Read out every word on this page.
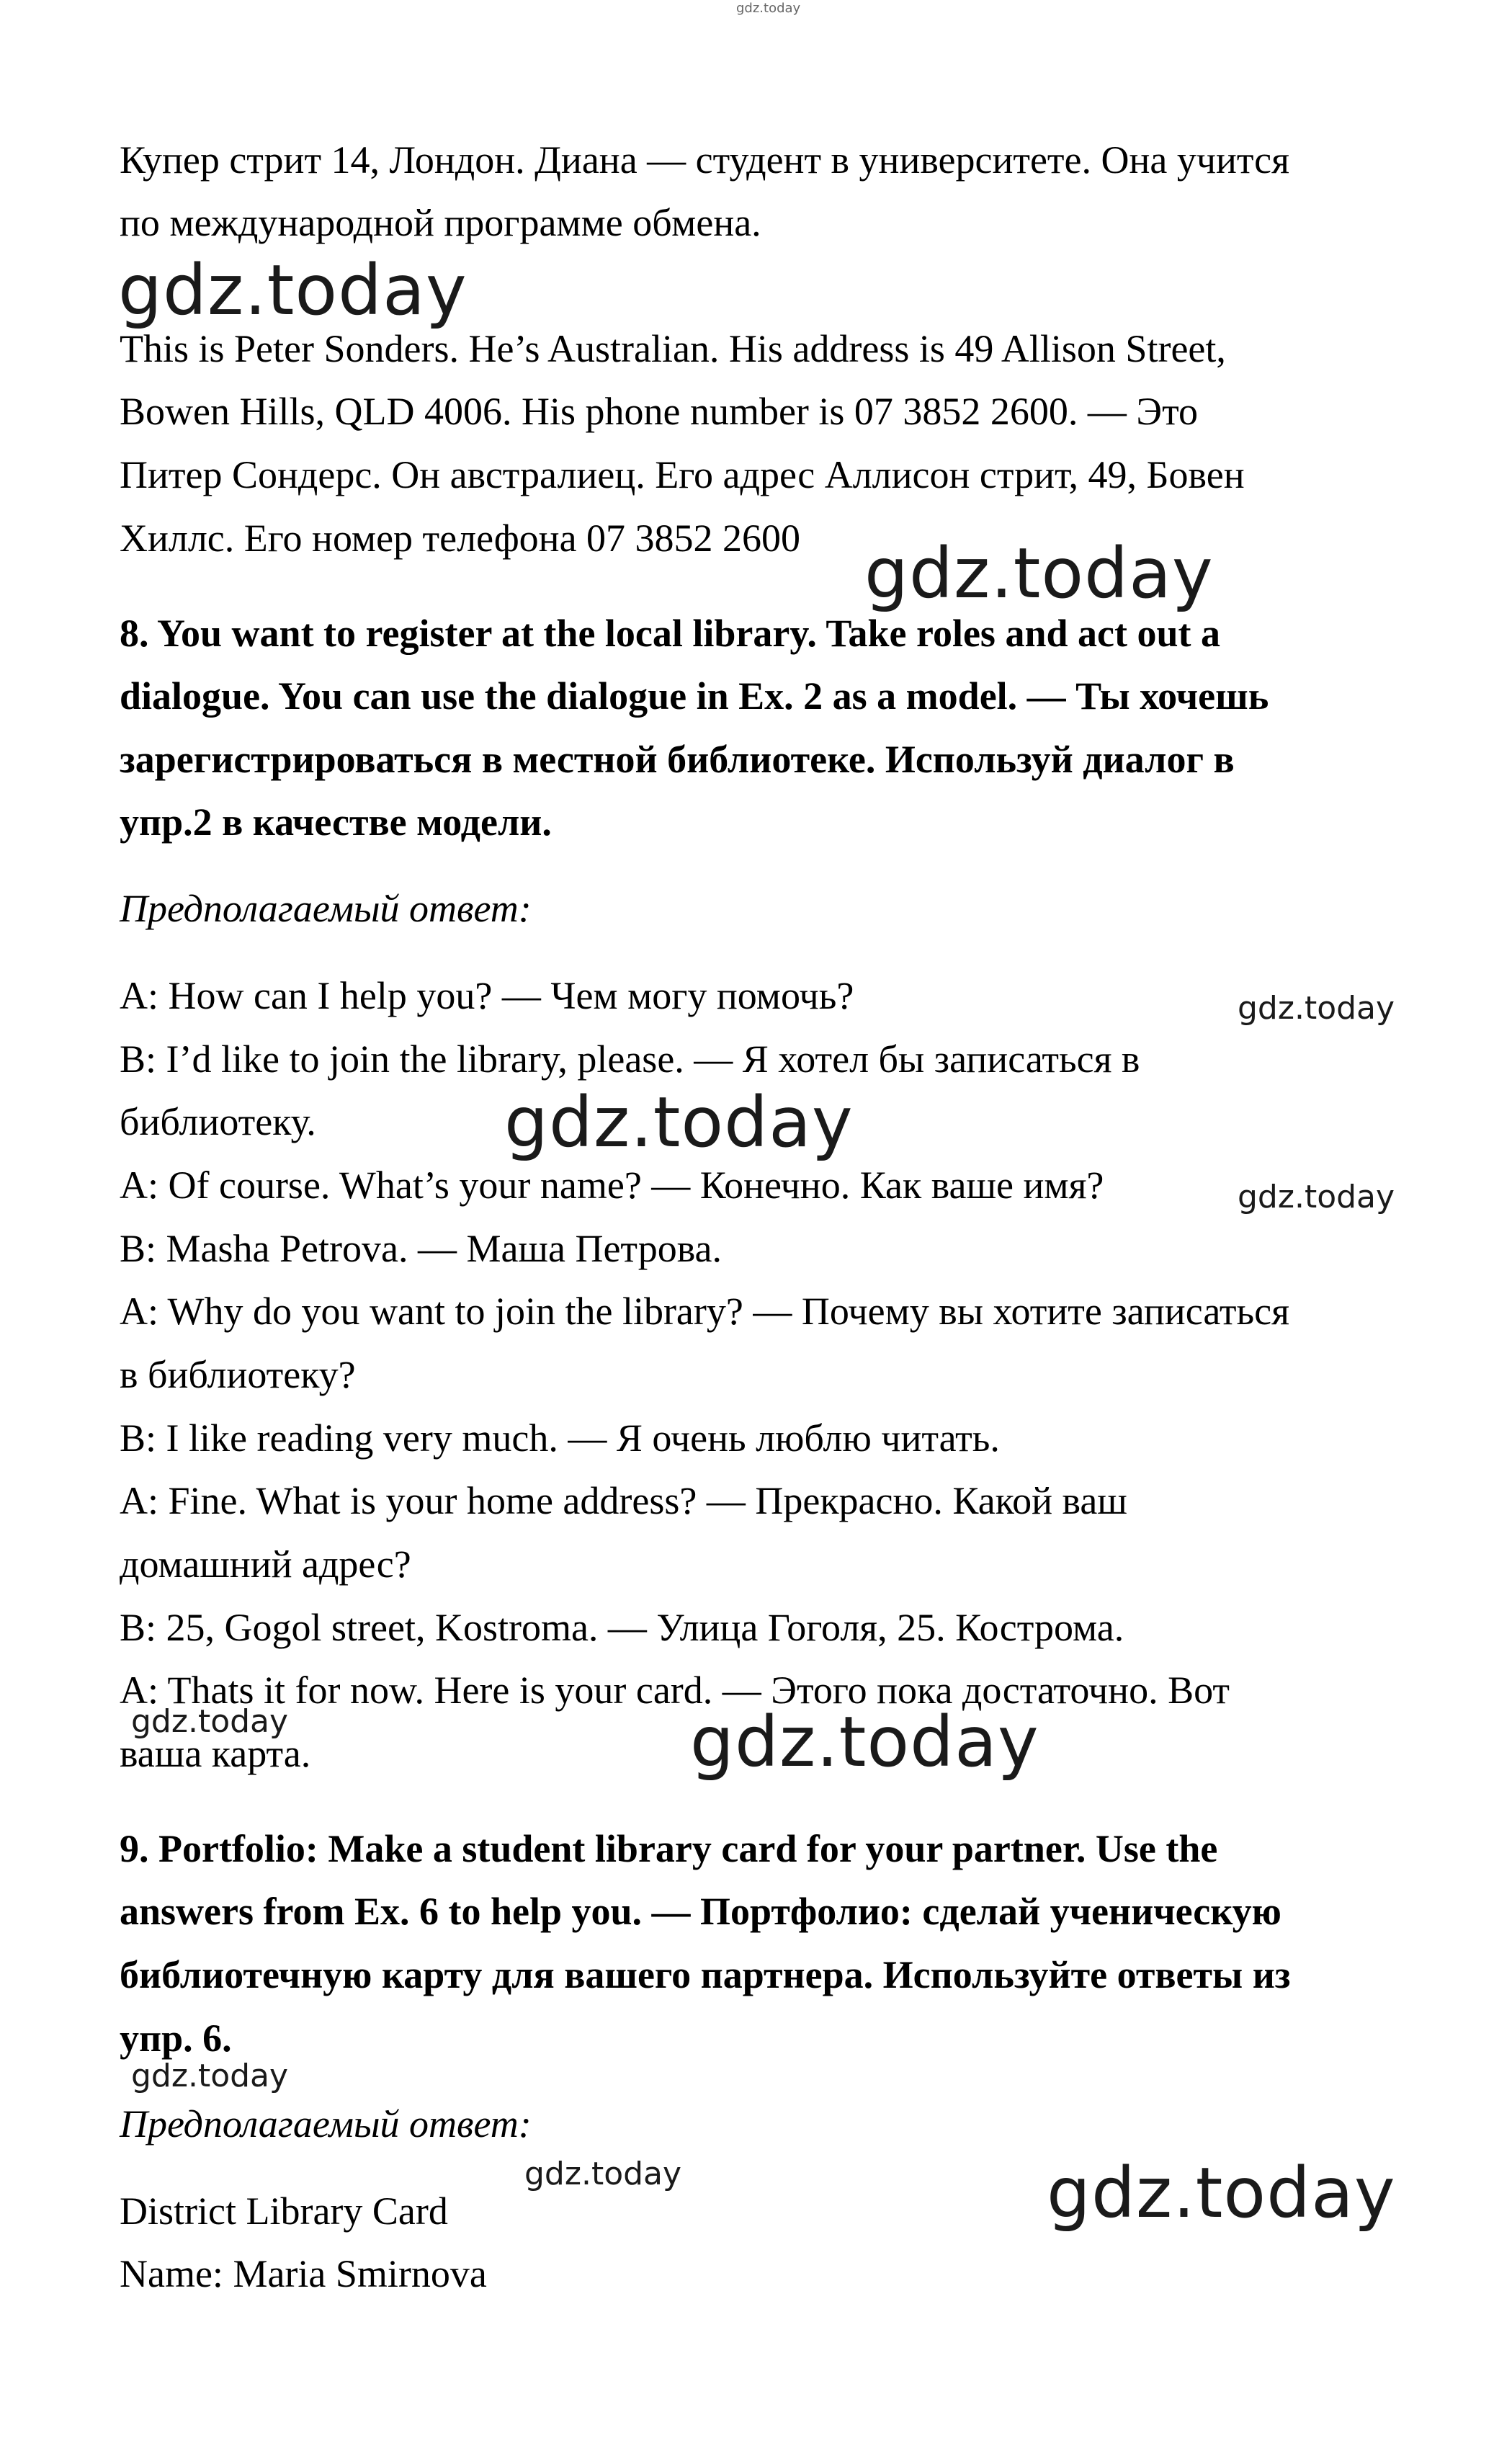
gdz.today
Купер стрит 14, Лондон. Диана — студент в университете. Она учится
по международной программе обмена.
gdz.today
This is Peter Sonders. He’s Australian. His address is 49 Allison Street,
Bowen Hills, QLD 4006. His phone number is 07 3852 2600. — Это
Питер Сондерс. Он австралиец. Его адрес Аллисон стрит, 49, Бовен
Хиллс. Его номер телефона 07 3852 2600 gdz.today
8. You want to register at the local library. Take roles and act out a
dialogue. You can use the dialogue in Ex. 2 as a model. — Ты хочешь
зарегистрироваться в местной библиотеке. Используй диалог в
упр.2 в качестве модели.
Предполагаемый ответ:
A: How can I help you? — Чем могу помочь?	gdz.today
B: I’d like to join the library, please. — Я хотел бы записаться в
библиотеку.	gdz.today
A: Of course. What’s your name? — Конечно. Как ваше имя?	gdz.today
B: Masha Petrova. — Маша Петрова.
A: Why do you want to join the library? — Почему вы хотите записаться
в библиотеку?
B: I like reading very much. — Я очень люблю читать.
A: Fine. What is your home address? — Прекрасно. Какой ваш
домашний адрес?
B: 25, Gogol street, Kostroma. — Улица Гоголя, 25. Кострома.
A: Thats it for now. Here is your card. — Этого пока достаточно. Вот
gdz.today
ваша карта.	gdz.today
9. Portfolio: Make a student library card for your partner. Use the
answers from Ex. 6 to help you. — Портфолио: сделай ученическую
библиотечную карту для вашего партнера. Используйте ответы из
упр. 6.
gdz.today
Предполагаемый ответ:
gdz.today
District Library Card
Name: Maria Smirnova
gdz.today
